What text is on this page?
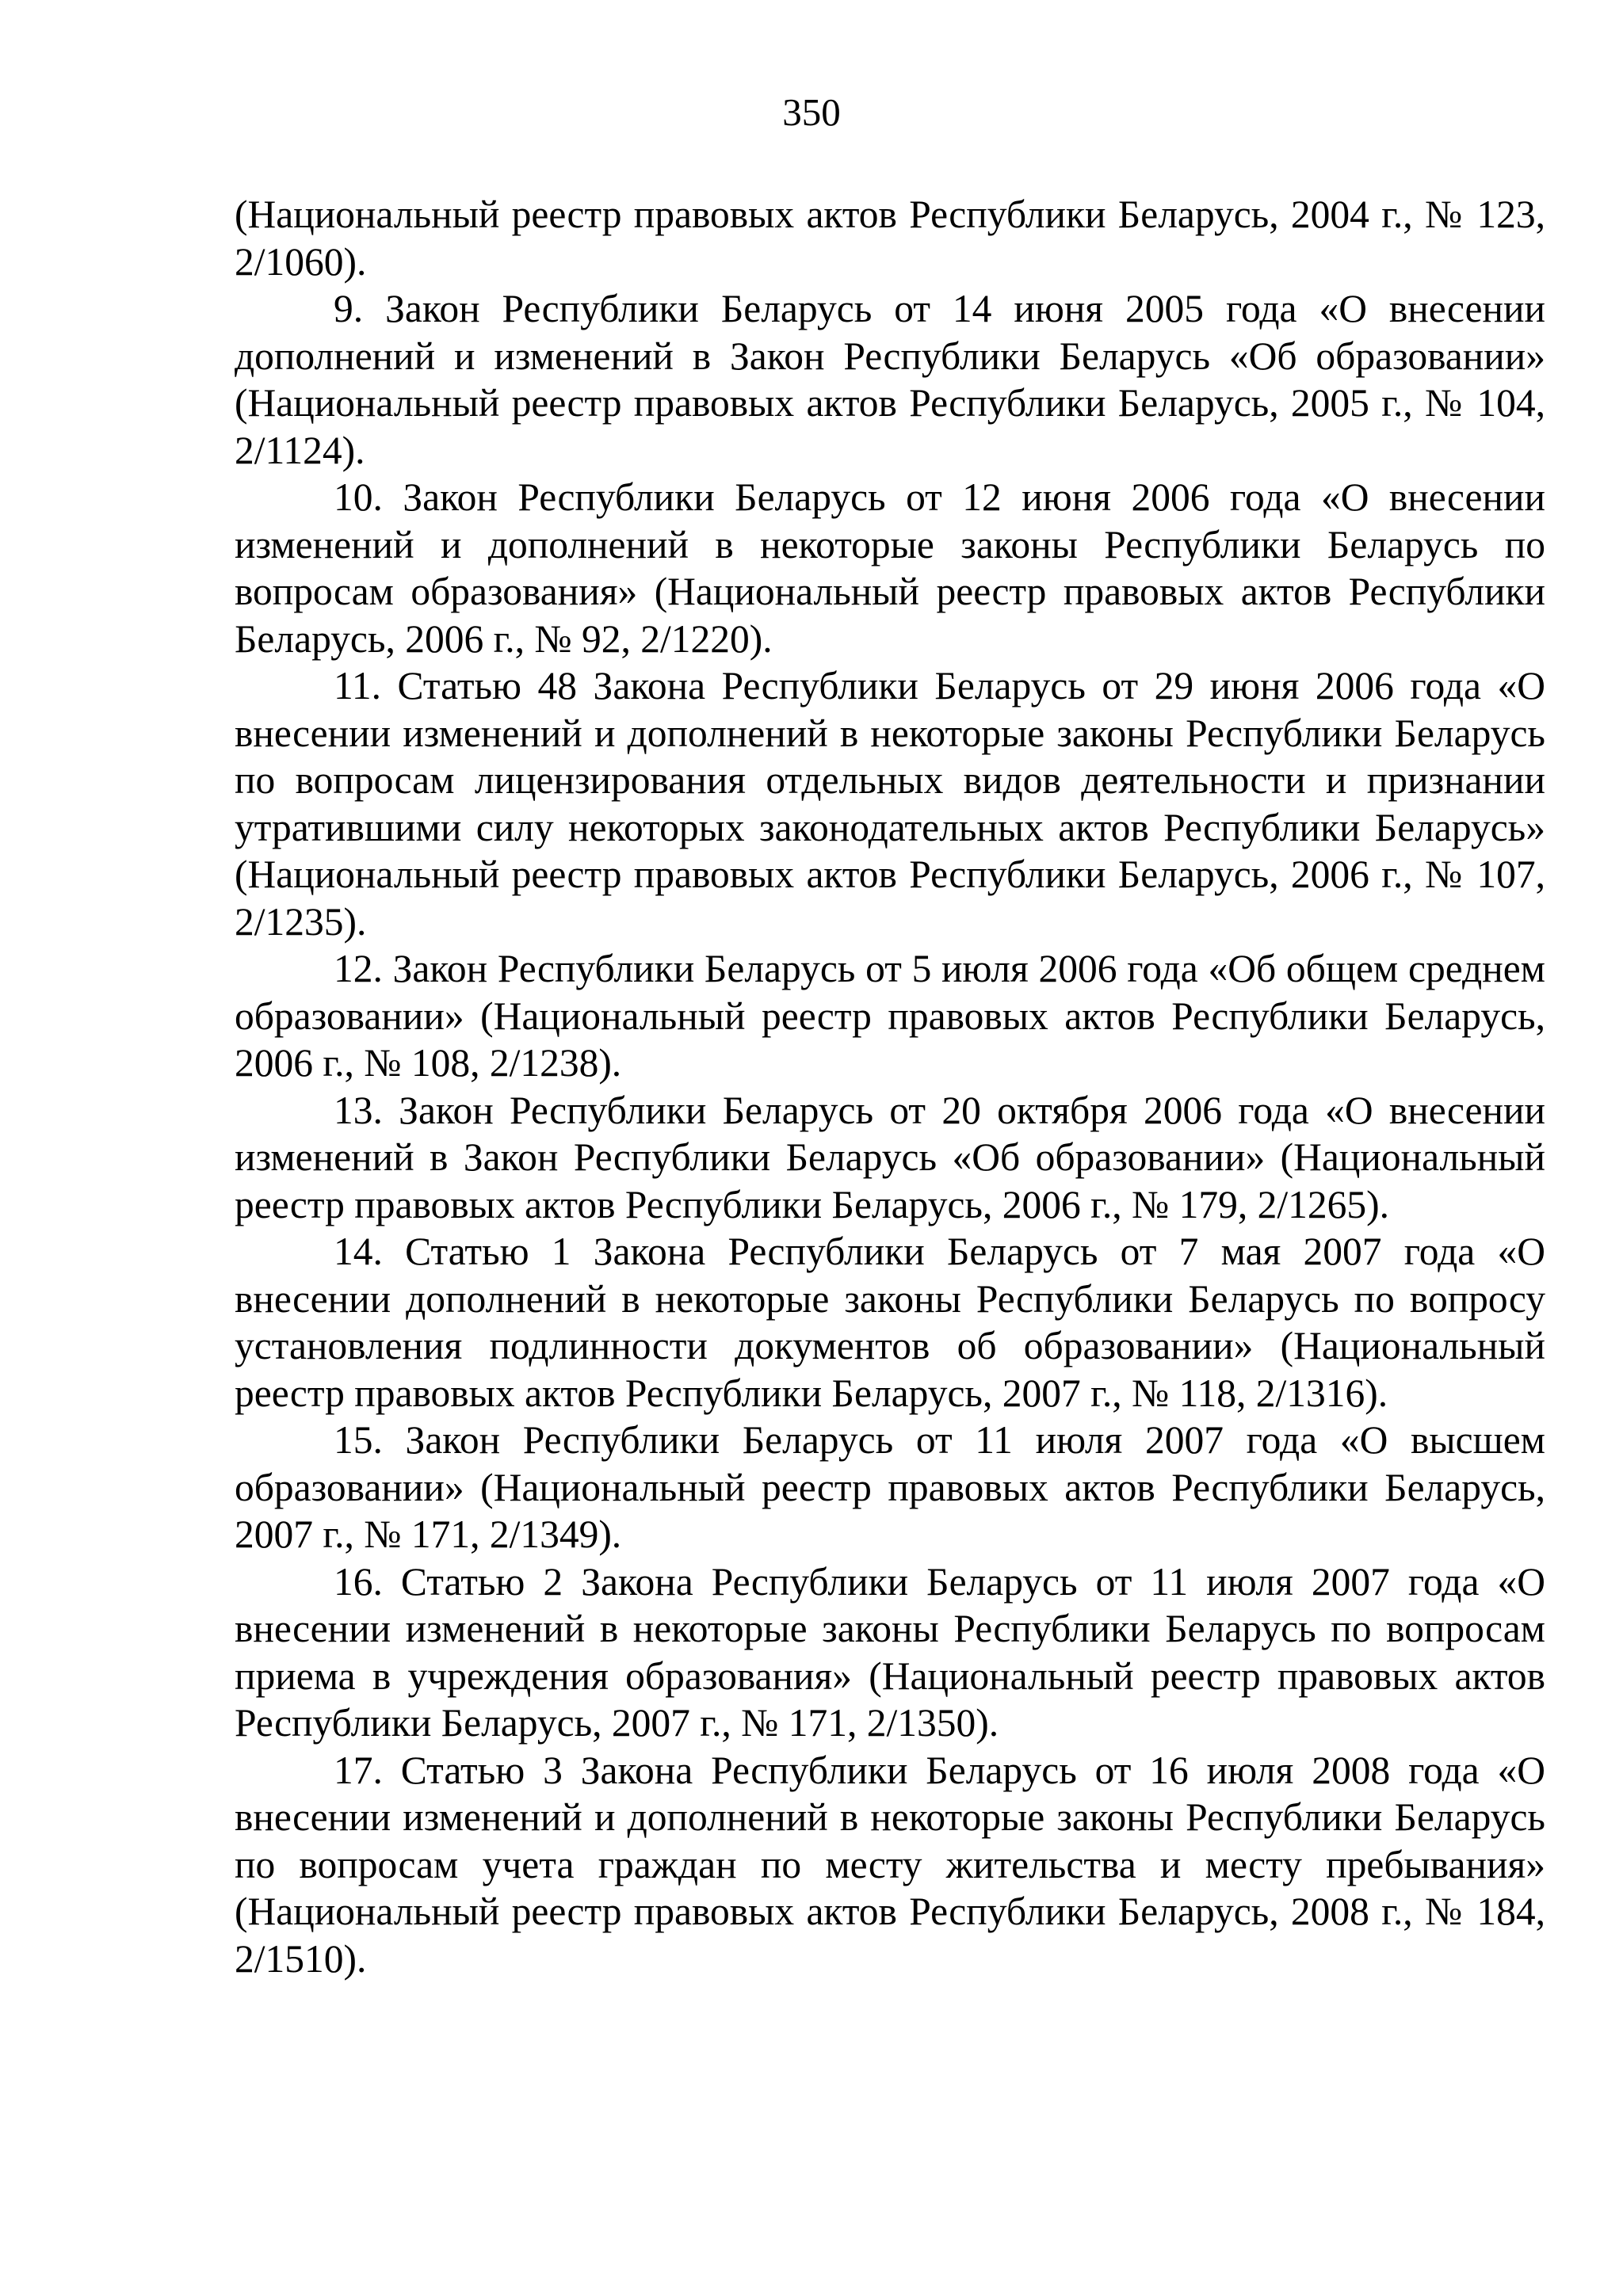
350

(Национальный реестр правовых актов Республики Беларусь, 2004 г., № 123, 2/1060).

9. Закон Республики Беларусь от 14 июня 2005 года «О внесении дополнений и изменений в Закон Республики Беларусь «Об образовании» (Национальный реестр правовых актов Республики Беларусь, 2005 г., № 104, 2/1124).

10. Закон Республики Беларусь от 12 июня 2006 года «О внесении изменений и дополнений в некоторые законы Республики Беларусь по вопросам образования» (Национальный реестр правовых актов Республики Беларусь, 2006 г., № 92, 2/1220).

11. Статью 48 Закона Республики Беларусь от 29 июня 2006 года «О внесении изменений и дополнений в некоторые законы Республики Беларусь по вопросам лицензирования отдельных видов деятельности и признании утратившими силу некоторых законодательных актов Республики Беларусь» (Национальный реестр правовых актов Республики Беларусь, 2006 г., № 107, 2/1235).

12. Закон Республики Беларусь от 5 июля 2006 года «Об общем среднем образовании» (Национальный реестр правовых актов Республики Беларусь, 2006 г., № 108, 2/1238).

13. Закон Республики Беларусь от 20 октября 2006 года «О внесении изменений в Закон Республики Беларусь «Об образовании» (Национальный реестр правовых актов Республики Беларусь, 2006 г., № 179, 2/1265).

14. Статью 1 Закона Республики Беларусь от 7 мая 2007 года «О внесении дополнений в некоторые законы Республики Беларусь по вопросу установления подлинности документов об образовании» (Национальный реестр правовых актов Республики Беларусь, 2007 г., № 118, 2/1316).

15. Закон Республики Беларусь от 11 июля 2007 года «О высшем образовании» (Национальный реестр правовых актов Республики Беларусь, 2007 г., № 171, 2/1349).

16. Статью 2 Закона Республики Беларусь от 11 июля 2007 года «О внесении изменений в некоторые законы Республики Беларусь по вопросам приема в учреждения образования» (Национальный реестр правовых актов Республики Беларусь, 2007 г., № 171, 2/1350).

17. Статью 3 Закона Республики Беларусь от 16 июля 2008 года «О внесении изменений и дополнений в некоторые законы Республики Беларусь по вопросам учета граждан по месту жительства и месту пребывания» (Национальный реестр правовых актов Республики Беларусь, 2008 г., № 184, 2/1510).
